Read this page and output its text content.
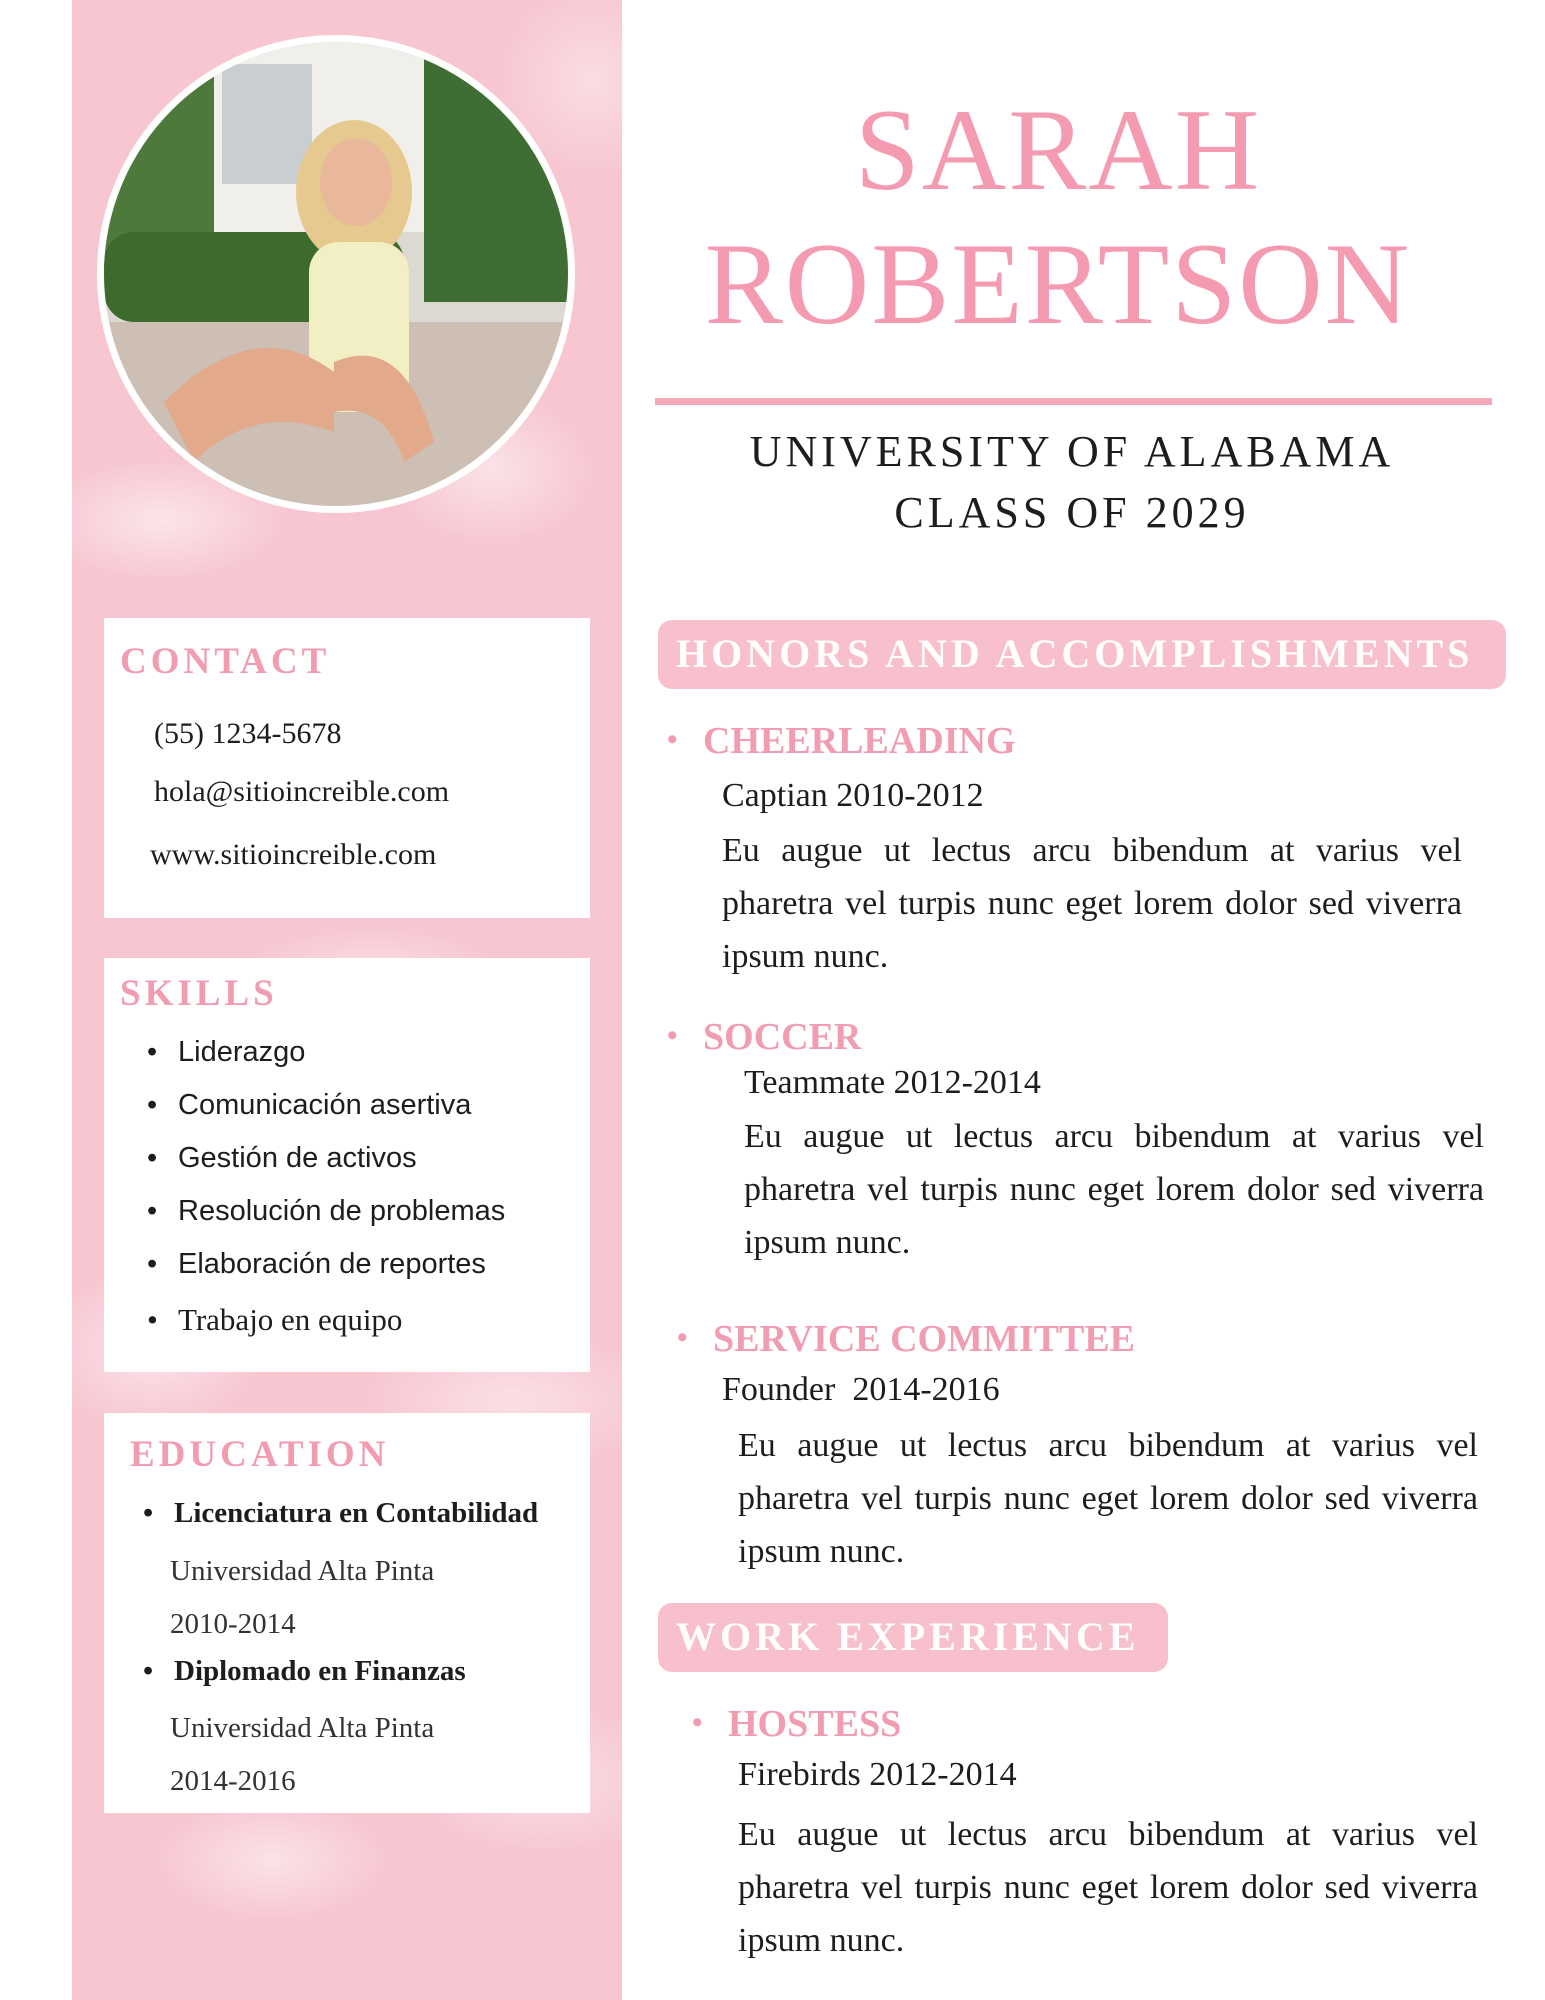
CONTACT
(55) 1234-5678
hola@sitioincreible.com
www.sitioincreible.com
SKILLS
• Liderazgo
• Comunicación asertiva
• Gestión de activos
• Resolución de problemas
• Elaboración de reportes
• Trabajo en equipo
EDUCATION
• Licenciatura en Contabilidad
Universidad Alta Pinta
2010-2014
• Diplomado en Finanzas
Universidad Alta Pinta
2014-2016
SARAH
ROBERTSON
UNIVERSITY OF ALABAMA
CLASS OF 2029
HONORS AND ACCOMPLISHMENTS
• CHEERLEADING
Captian 2010-2012
Eu augue ut lectus arcu bibendum at varius vel pharetra vel turpis nunc eget lorem dolor sed viverra ipsum nunc.
• SOCCER
Teammate 2012-2014
Eu augue ut lectus arcu bibendum at varius vel pharetra vel turpis nunc eget lorem dolor sed viverra ipsum nunc.
• SERVICE COMMITTEE
Founder  2014-2016
Eu augue ut lectus arcu bibendum at varius vel pharetra vel turpis nunc eget lorem dolor sed viverra ipsum nunc.
WORK EXPERIENCE
• HOSTESS
Firebirds 2012-2014
Eu augue ut lectus arcu bibendum at varius vel pharetra vel turpis nunc eget lorem dolor sed viverra ipsum nunc.
